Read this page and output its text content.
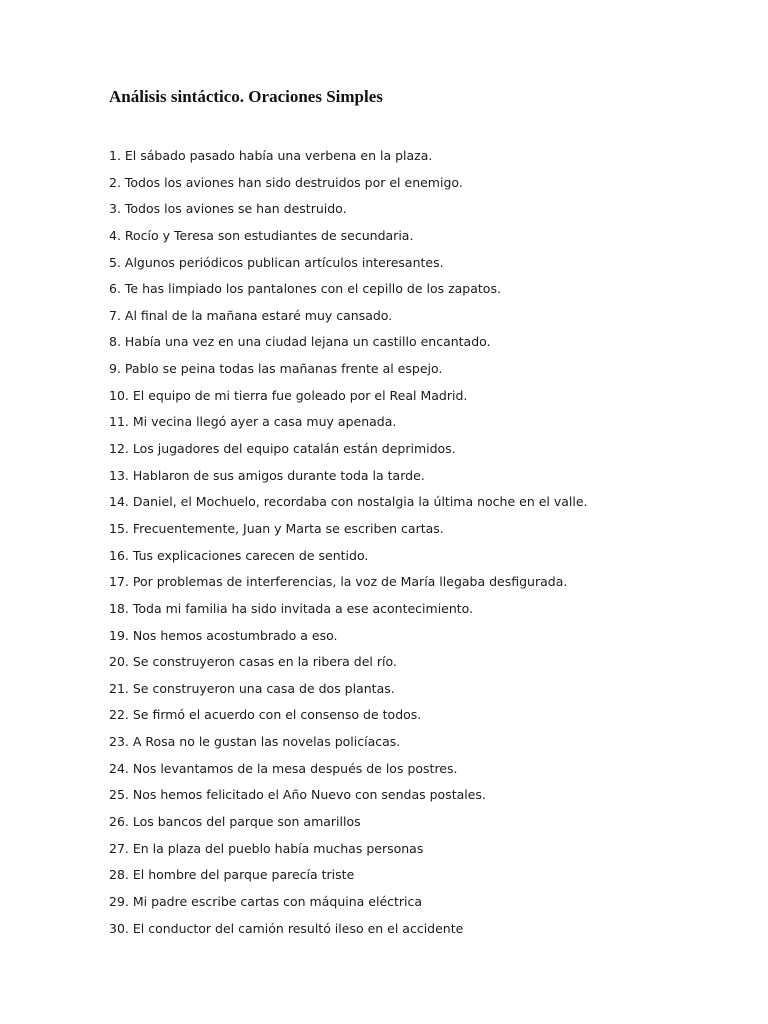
Análisis sintáctico. Oraciones Simples
1. El sábado pasado había una verbena en la plaza.
2. Todos los aviones han sido destruidos por el enemigo.
3. Todos los aviones se han destruido.
4. Rocío y Teresa son estudiantes de secundaria.
5. Algunos periódicos publican artículos interesantes.
6. Te has limpiado los pantalones con el cepillo de los zapatos.
7. Al final de la mañana estaré muy cansado.
8. Había una vez en una ciudad lejana un castillo encantado.
9. Pablo se peina todas las mañanas frente al espejo.
10. El equipo de mi tierra fue goleado por el Real Madrid.
11. Mi vecina llegó ayer a casa muy apenada.
12. Los jugadores del equipo catalán están deprimidos.
13. Hablaron de sus amigos durante toda la tarde.
14. Daniel, el Mochuelo, recordaba con nostalgia la última noche en el valle.
15. Frecuentemente, Juan y Marta se escriben cartas.
16. Tus explicaciones carecen de sentido.
17. Por problemas de interferencias, la voz de María llegaba desfigurada.
18. Toda mi familia ha sido invitada a ese acontecimiento.
19. Nos hemos acostumbrado a eso.
20. Se construyeron casas en la ribera del río.
21. Se construyeron una casa de dos plantas.
22. Se firmó el acuerdo con el consenso de todos.
23. A Rosa no le gustan las novelas policíacas.
24. Nos levantamos de la mesa después de los postres.
25. Nos hemos felicitado el Año Nuevo con sendas postales.
26. Los bancos del parque son amarillos
27. En la plaza del pueblo había muchas personas
28. El hombre del parque parecía triste
29. Mi padre escribe cartas con máquina eléctrica
30. El conductor del camión resultó ileso en el accidente
